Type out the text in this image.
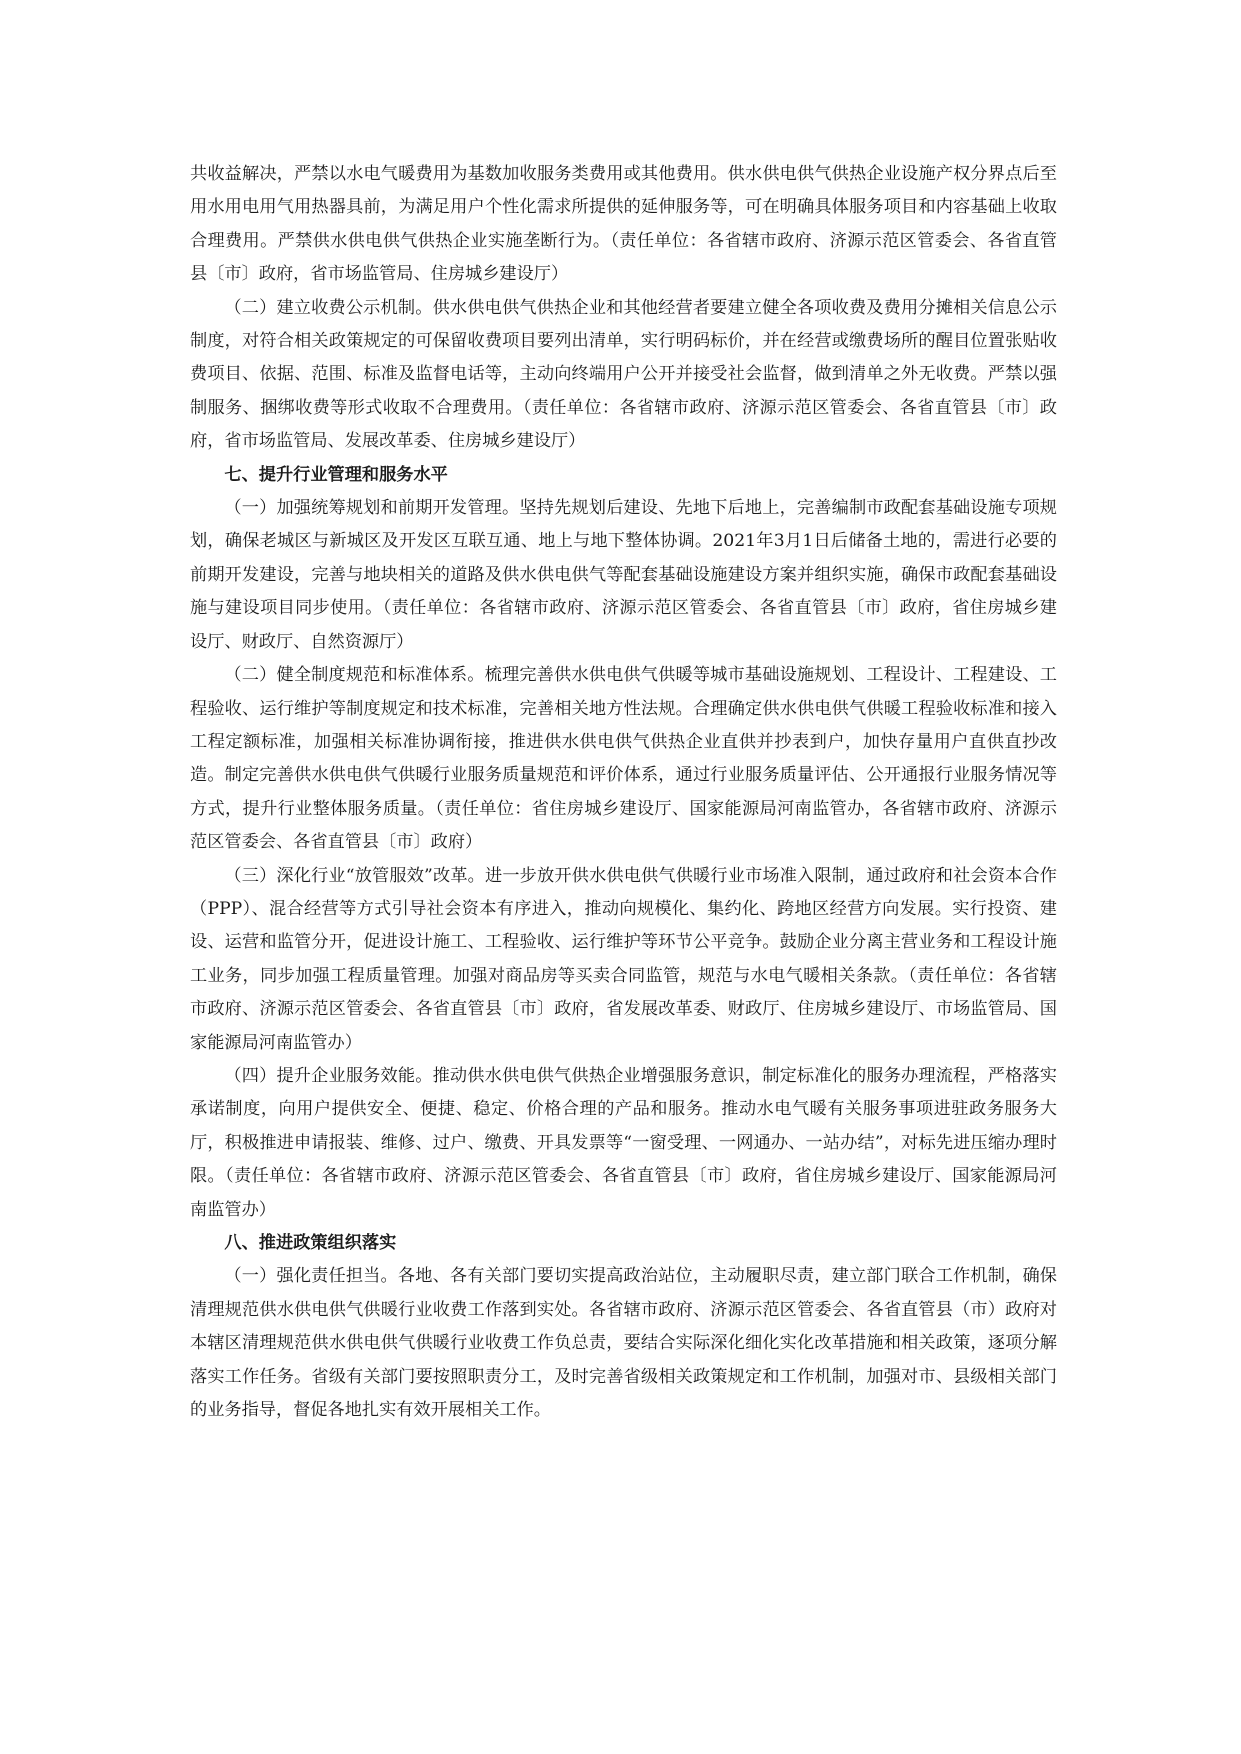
共收益解决，严禁以水电气暖费用为基数加收服务类费用或其他费用。供水供电供气供热企业设施产权分界点后至用水用电用气用热器具前，为满足用户个性化需求所提供的延伸服务等，可在明确具体服务项目和内容基础上收取合理费用。严禁供水供电供气供热企业实施垄断行为。（责任单位：各省辖市政府、济源示范区管委会、各省直管县〔市〕政府，省市场监管局、住房城乡建设厅）

（二）建立收费公示机制。供水供电供气供热企业和其他经营者要建立健全各项收费及费用分摊相关信息公示制度，对符合相关政策规定的可保留收费项目要列出清单，实行明码标价，并在经营或缴费场所的醒目位置张贴收费项目、依据、范围、标准及监督电话等，主动向终端用户公开并接受社会监督，做到清单之外无收费。严禁以强制服务、捆绑收费等形式收取不合理费用。（责任单位：各省辖市政府、济源示范区管委会、各省直管县〔市〕政府，省市场监管局、发展改革委、住房城乡建设厅）

七、提升行业管理和服务水平

（一）加强统筹规划和前期开发管理。坚持先规划后建设、先地下后地上，完善编制市政配套基础设施专项规划，确保老城区与新城区及开发区互联互通、地上与地下整体协调。2021年3月1日后储备土地的，需进行必要的前期开发建设，完善与地块相关的道路及供水供电供气等配套基础设施建设方案并组织实施，确保市政配套基础设施与建设项目同步使用。（责任单位：各省辖市政府、济源示范区管委会、各省直管县〔市〕政府，省住房城乡建设厅、财政厅、自然资源厅）

（二）健全制度规范和标准体系。梳理完善供水供电供气供暖等城市基础设施规划、工程设计、工程建设、工程验收、运行维护等制度规定和技术标准，完善相关地方性法规。合理确定供水供电供气供暖工程验收标准和接入工程定额标准，加强相关标准协调衔接，推进供水供电供气供热企业直供并抄表到户，加快存量用户直供直抄改造。制定完善供水供电供气供暖行业服务质量规范和评价体系，通过行业服务质量评估、公开通报行业服务情况等方式，提升行业整体服务质量。（责任单位：省住房城乡建设厅、国家能源局河南监管办，各省辖市政府、济源示范区管委会、各省直管县〔市〕政府）

（三）深化行业“放管服效”改革。进一步放开供水供电供气供暖行业市场准入限制，通过政府和社会资本合作（PPP）、混合经营等方式引导社会资本有序进入，推动向规模化、集约化、跨地区经营方向发展。实行投资、建设、运营和监管分开，促进设计施工、工程验收、运行维护等环节公平竞争。鼓励企业分离主营业务和工程设计施工业务，同步加强工程质量管理。加强对商品房等买卖合同监管，规范与水电气暖相关条款。（责任单位：各省辖市政府、济源示范区管委会、各省直管县〔市〕政府，省发展改革委、财政厅、住房城乡建设厅、市场监管局、国家能源局河南监管办）

（四）提升企业服务效能。推动供水供电供气供热企业增强服务意识，制定标准化的服务办理流程，严格落实承诺制度，向用户提供安全、便捷、稳定、价格合理的产品和服务。推动水电气暖有关服务事项进驻政务服务大厅，积极推进申请报装、维修、过户、缴费、开具发票等“一窗受理、一网通办、一站办结”，对标先进压缩办理时限。（责任单位：各省辖市政府、济源示范区管委会、各省直管县〔市〕政府，省住房城乡建设厅、国家能源局河南监管办）

八、推进政策组织落实

（一）强化责任担当。各地、各有关部门要切实提高政治站位，主动履职尽责，建立部门联合工作机制，确保清理规范供水供电供气供暖行业收费工作落到实处。各省辖市政府、济源示范区管委会、各省直管县（市）政府对本辖区清理规范供水供电供气供暖行业收费工作负总责，要结合实际深化细化实化改革措施和相关政策，逐项分解落实工作任务。省级有关部门要按照职责分工，及时完善省级相关政策规定和工作机制，加强对市、县级相关部门的业务指导，督促各地扎实有效开展相关工作。
